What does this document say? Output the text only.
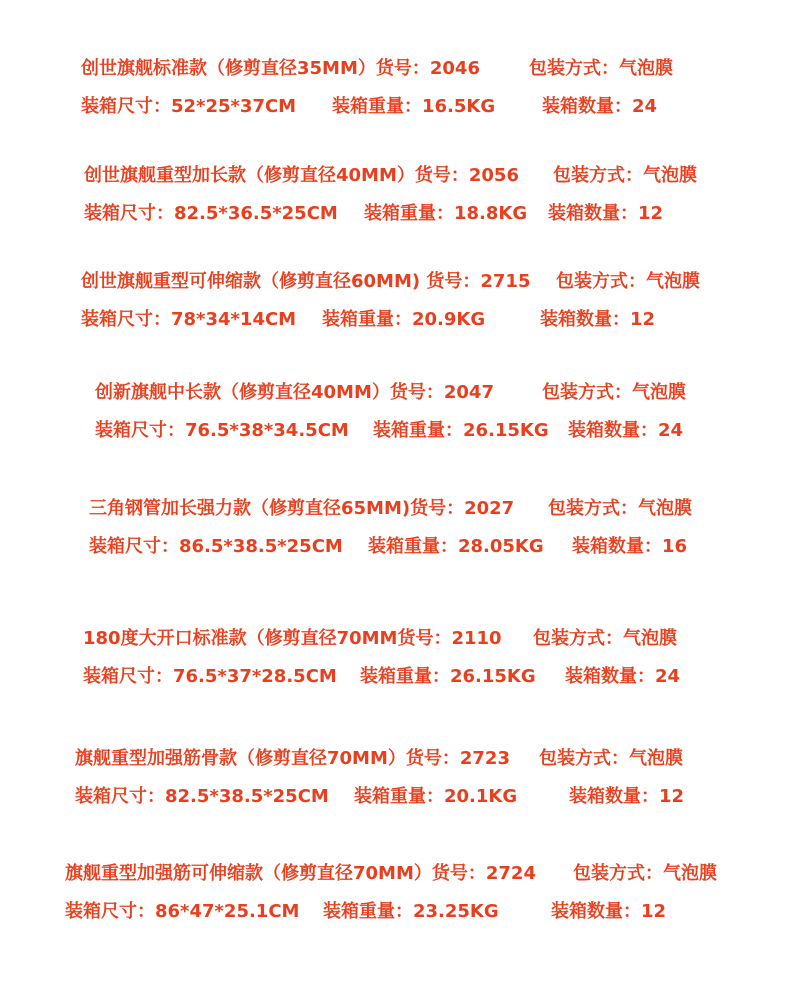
创世旗舰标准款（修剪直径35MM）货号：2046	包装方式：气泡膜
装箱尺寸：52*25*37CM 装箱重量：16.5KG	装箱数量：24
创世旗舰重型加长款（修剪直径40MM）货号：2056 包装方式：气泡膜
装箱尺寸：82.5*36.5*25CM 装箱重量：18.8KG 装箱数量：12
创世旗舰重型可伸缩款（修剪直径60MM) 货号：2715 包装方式：气泡膜
装箱尺寸：78*34*14CM 装箱重量：20.9KG	装箱数量：12
创新旗舰中长款（修剪直径40MM）货号：2047	包装方式：气泡膜
装箱尺寸：76.5*38*34.5CM 装箱重量：26.15KG 装箱数量：24
三角钢管加长强力款（修剪直径65MM)货号：2027 包装方式：气泡膜
装箱尺寸：86.5*38.5*25CM 装箱重量：28.05KG 装箱数量：16
180度大开口标准款（修剪直径70MM货号：2110 包装方式：气泡膜
装箱尺寸：76.5*37*28.5CM 装箱重量：26.15KG 装箱数量：24
旗舰重型加强筋骨款（修剪直径70MM）货号：2723 包装方式：气泡膜
装箱尺寸：82.5*38.5*25CM 装箱重量：20.1KG	装箱数量：12
旗舰重型加强筋可伸缩款（修剪直径70MM）货号：2724 包装方式：气泡膜
装箱尺寸：86*47*25.1CM 装箱重量：23.25KG	装箱数量：12
